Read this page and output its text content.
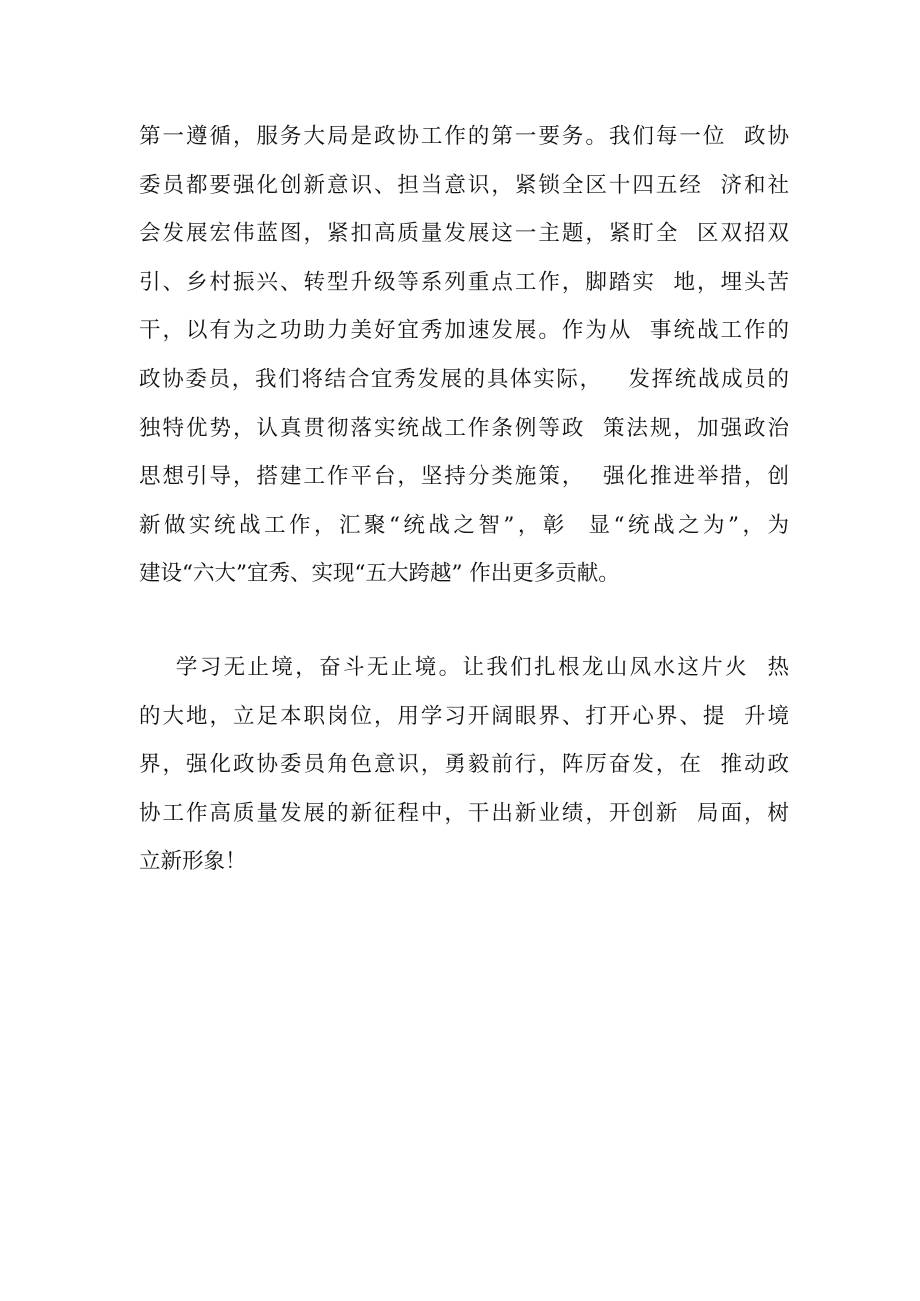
第一遵循，服务大局是政协工作的第一要务。我们每一位  政协
委员都要强化创新意识、担当意识，紧锁全区十四五经  济和社
会发展宏伟蓝图，紧扣高质量发展这一主题，紧盯全  区双招双
引、乡村振兴、转型升级等系列重点工作，脚踏实  地，埋头苦
干，以有为之功助力美好宜秀加速发展。作为从  事统战工作的
政协委员，我们将结合宜秀发展的具体实际，   发挥统战成员的
独特优势，认真贯彻落实统战工作条例等政  策法规，加强政治
思想引导，搭建工作平台，坚持分类施策，  强化推进举措，创
新做实统战工作，汇聚“统战之智”，彰  显“统战之为”，为
建设“六大”宜秀、实现“五大跨越” 作出更多贡献。
学习无止境，奋斗无止境。让我们扎根龙山凤水这片火  热
的大地，立足本职岗位，用学习开阔眼界、打开心界、提  升境
界，强化政协委员角色意识，勇毅前行，阵厉奋发，在  推动政
协工作高质量发展的新征程中，干出新业绩，开创新  局面，树
立新形象！
